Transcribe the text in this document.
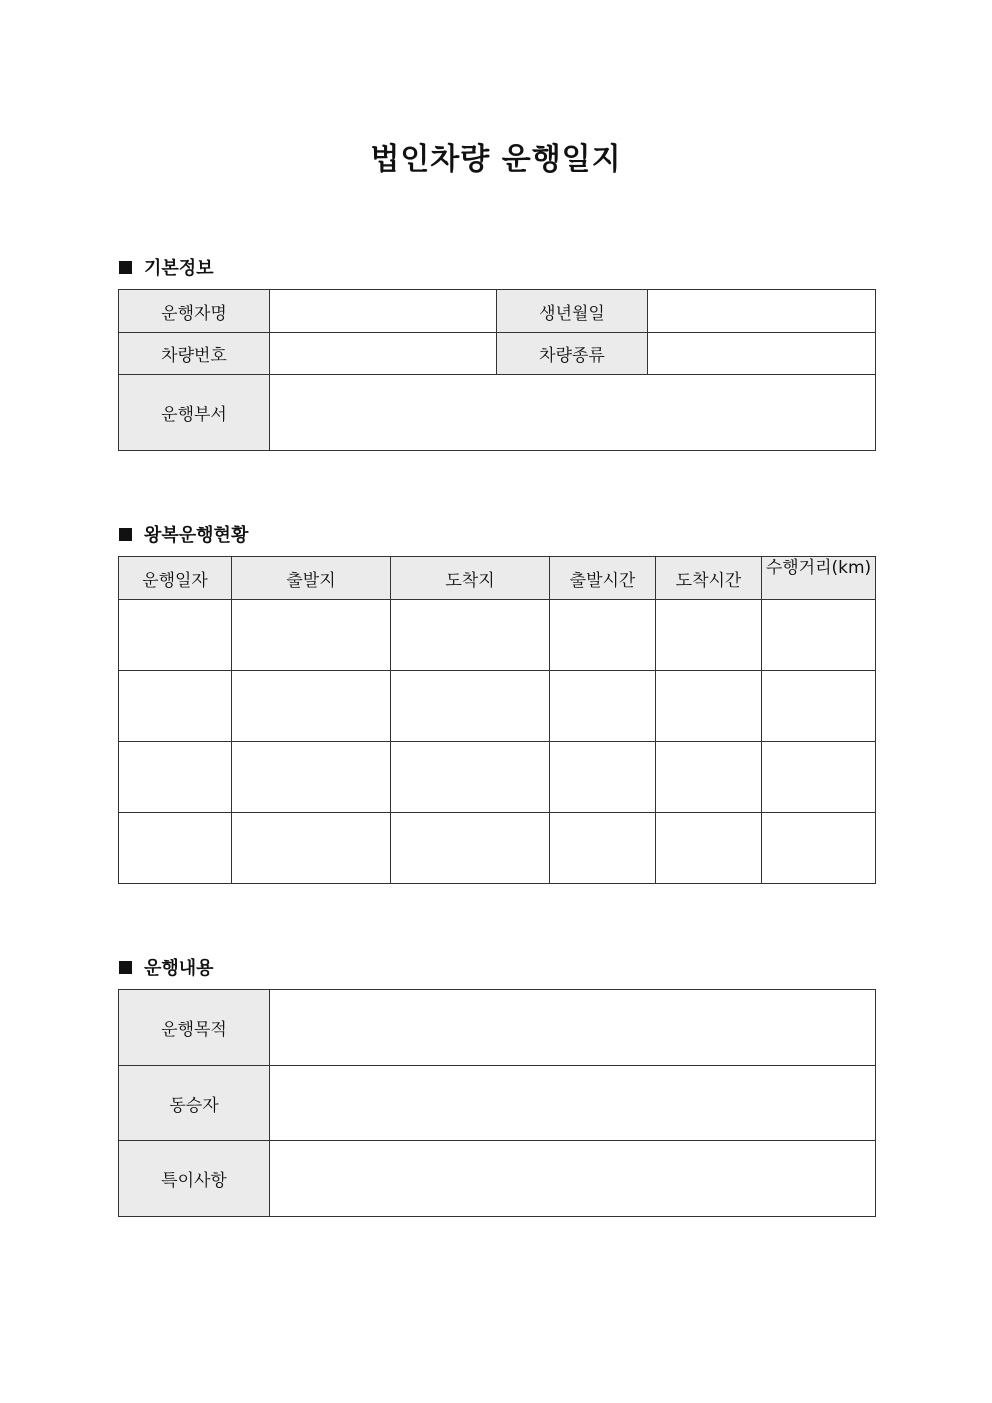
법인차량 운행일지
기본정보
운행자명		생년월일	
차량번호		차량종류	
운행부서			
왕복운행현황
운행일자	출발지	도착지	출발시간	도착시간	수행거리(km)

운행내용
운행목적	
동승자	
특이사항	
